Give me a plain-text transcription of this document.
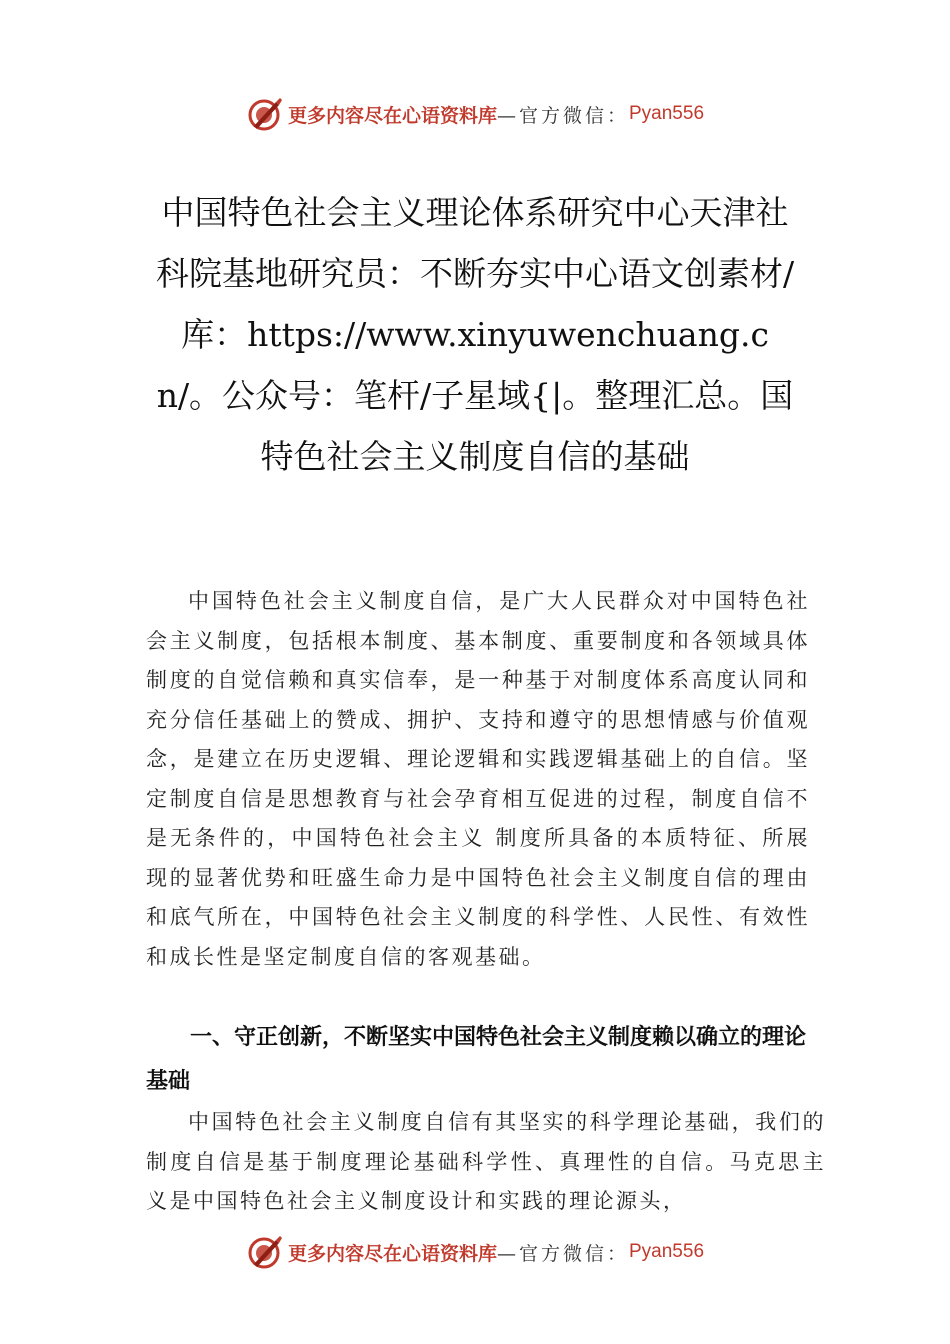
更多内容尽在心语资料库 —官方微信： Pyan556
中国特色社会主义理论体系研究中心天津社科院基地研究员：不断夯实中心语文创素材/库：https://www.xinyuwenchuang.cn/。公众号：笔杆/子星域{|。整理汇总。国特色社会主义制度自信的基础

中国特色社会主义制度自信，是广大人民群众对中国特色社会主义制度，包括根本制度、基本制度、重要制度和各领域具体制度的自觉信赖和真实信奉，是一种基于对制度体系高度认同和充分信任基础上的赞成、拥护、支持和遵守的思想情感与价值观念，是建立在历史逻辑、理论逻辑和实践逻辑基础上的自信。坚定制度自信是思想教育与社会孕育相互促进的过程，制度自信不是无条件的，中国特色社会主义 制度所具备的本质特征、所展现的显著优势和旺盛生命力是中国特色社会主义制度自信的理由和底气所在，中国特色社会主义制度的科学性、人民性、有效性和成长性是坚定制度自信的客观基础。

一、守正创新，不断坚实中国特色社会主义制度赖以确立的理论基础

中国特色社会主义制度自信有其坚实的科学理论基础，我们的制度自信是基于制度理论基础科学性、真理性的自信。马克思主义是中国特色社会主义制度设计和实践的理论源头，

更多内容尽在心语资料库 —官方微信： Pyan556
